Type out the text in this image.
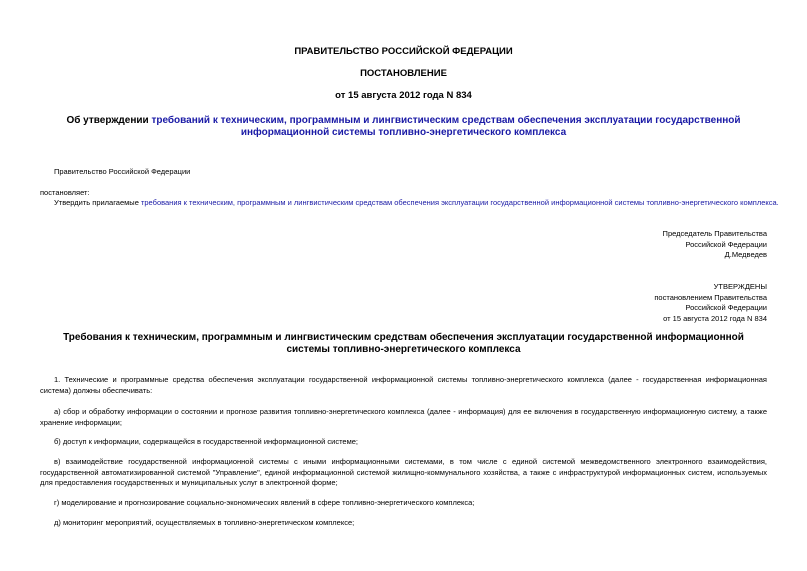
ПРАВИТЕЛЬСТВО РОССИЙСКОЙ ФЕДЕРАЦИИ
ПОСТАНОВЛЕНИЕ
от 15 августа 2012 года N 834
Об утверждении требований к техническим, программным и лингвистическим средствам обеспечения эксплуатации государственной информационной системы топливно-энергетического комплекса
Правительство Российской Федерации
постановляет:
Утвердить прилагаемые требования к техническим, программным и лингвистическим средствам обеспечения эксплуатации государственной информационной системы топливно-энергетического комплекса.
Председатель Правительства
Российской Федерации
Д.Медведев
УТВЕРЖДЕНЫ
постановлением Правительства
Российской Федерации
от 15 августа 2012 года N 834
Требования к техническим, программным и лингвистическим средствам обеспечения эксплуатации государственной информационной системы топливно-энергетического комплекса
1. Технические и программные средства обеспечения эксплуатации государственной информационной системы топливно-энергетического комплекса (далее - государственная информационная система) должны обеспечивать:
а) сбор и обработку информации о состоянии и прогнозе развития топливно-энергетического комплекса (далее - информация) для ее включения в государственную информационную систему, а также хранение информации;
б) доступ к информации, содержащейся в государственной информационной системе;
в) взаимодействие государственной информационной системы с иными информационными системами, в том числе с единой системой межведомственного электронного взаимодействия, государственной автоматизированной системой "Управление", единой информационной системой жилищно-коммунального хозяйства, а также с инфраструктурой информационных систем, используемых для предоставления государственных и муниципальных услуг в электронной форме;
г) моделирование и прогнозирование социально-экономических явлений в сфере топливно-энергетического комплекса;
д) мониторинг мероприятий, осуществляемых в топливно-энергетическом комплексе;
